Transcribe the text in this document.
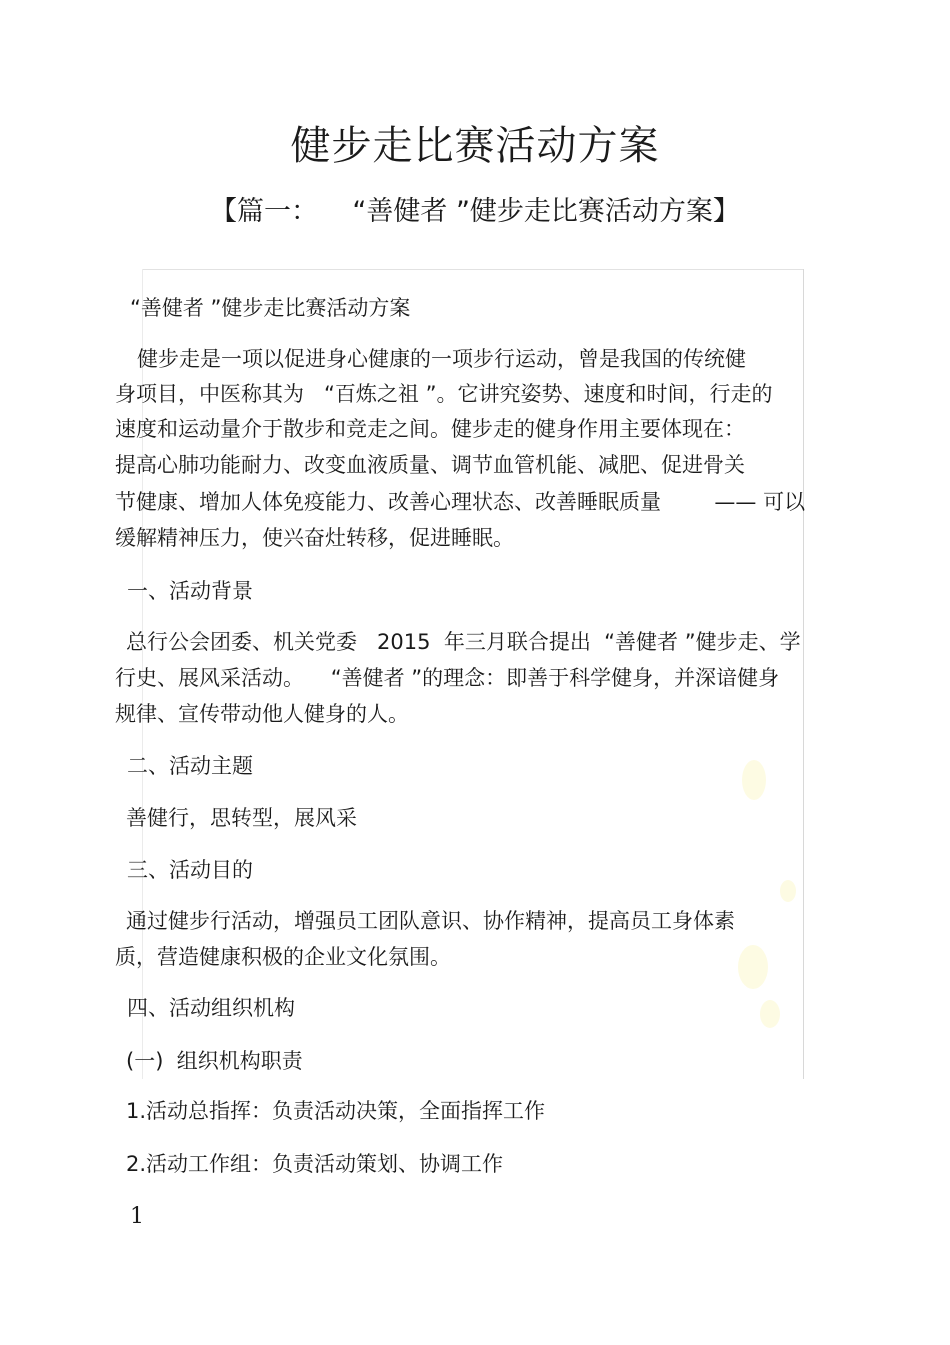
健步走比赛活动方案
【篇一：    “善健者 ”健步走比赛活动方案】

“善健者 ”健步走比赛活动方案

健步走是一项以促进身心健康的一项步行运动，曾是我国的传统健

身项目，中医称其为   “百炼之祖 ”。它讲究姿势、速度和时间，行走的

速度和运动量介于散步和竞走之间。健步走的健身作用主要体现在：

提高心肺功能耐力、改变血液质量、调节血管机能、减肥、促进骨关

节健康、增加人体免疫能力、改善心理状态、改善睡眠质量        —— 可以

缓解精神压力，使兴奋灶转移，促进睡眠。

一、活动背景

总行公会团委、机关党委   2015  年三月联合提出  “善健者 ”健步走、学

行史、展风采活动。    “善健者 ”的理念：即善于科学健身，并深谙健身

规律、宣传带动他人健身的人。

二、活动主题

善健行，思转型，展风采

三、活动目的

通过健步行活动，增强员工团队意识、协作精神，提高员工身体素

质，营造健康积极的企业文化氛围。

四、活动组织机构

(一)  组织机构职责

1.活动总指挥：负责活动决策，全面指挥工作

2.活动工作组：负责活动策划、协调工作

1
